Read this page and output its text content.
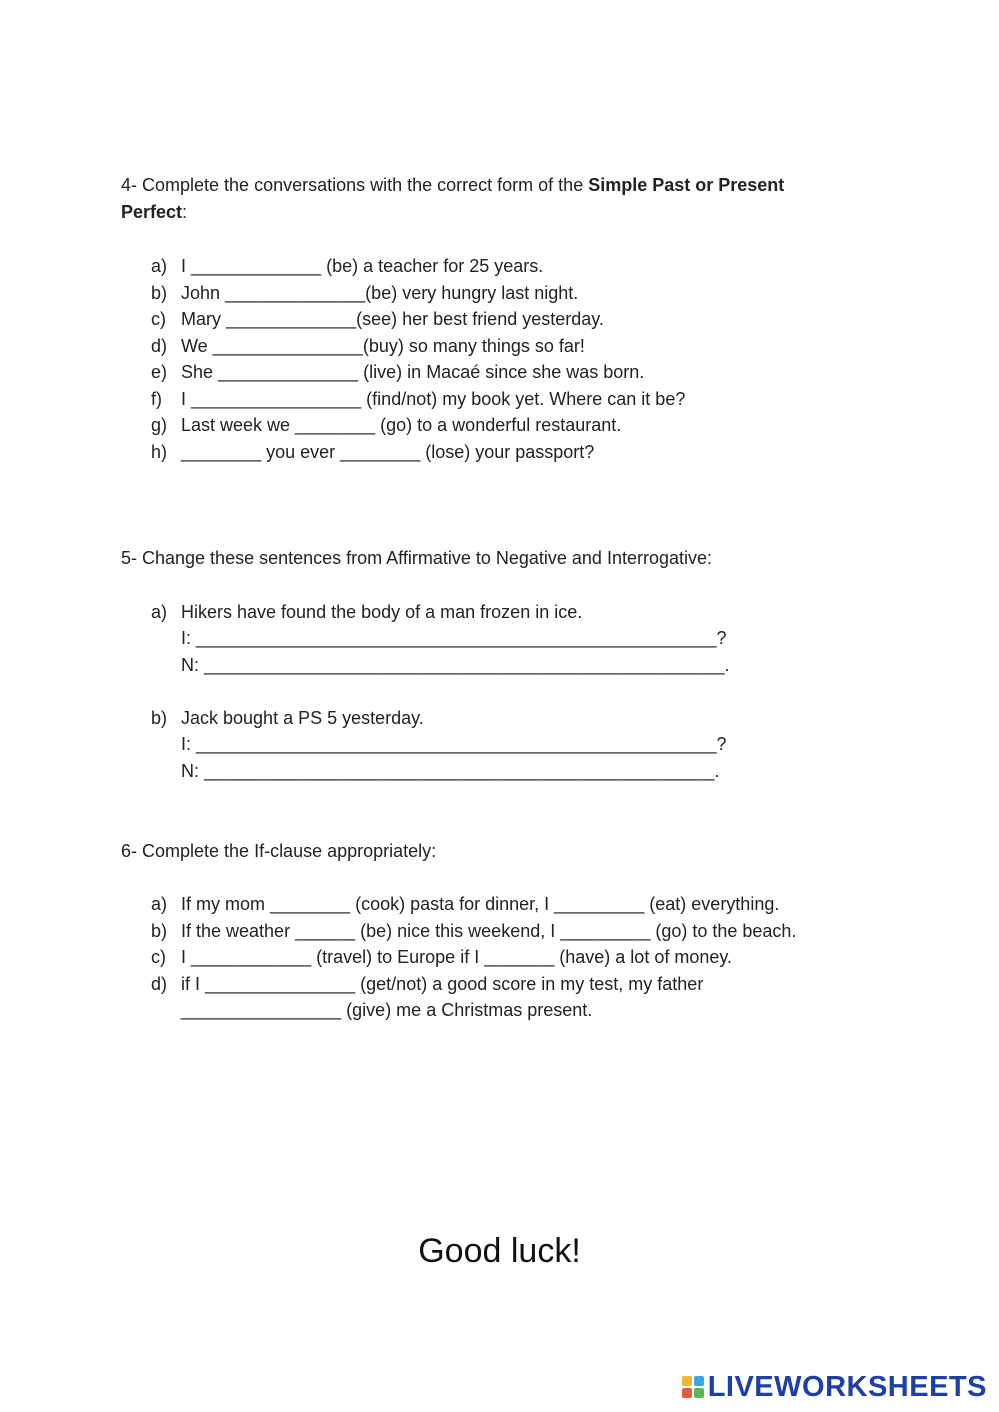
4- Complete the conversations with the correct form of the Simple Past or Present
Perfect:
a) I _____________ (be) a teacher for 25 years.
b) John ______________(be) very hungry last night.
c) Mary _____________(see) her best friend yesterday.
d) We _______________(buy) so many things so far!
e) She ______________ (live) in Macaé since she was born.
f) I _________________ (find/not) my book yet. Where can it be?
g) Last week we ________ (go) to a wonderful restaurant.
h) ________ you ever ________ (lose) your passport?
5- Change these sentences from Affirmative to Negative and Interrogative:
a) Hikers have found the body of a man frozen in ice.
I: ____________________________________________________?
N: ____________________________________________________.
b) Jack bought a PS 5 yesterday.
I: ____________________________________________________?
N: ___________________________________________________.
6- Complete the If-clause appropriately:
a) If my mom ________ (cook) pasta for dinner, I _________ (eat) everything.
b) If the weather ______ (be) nice this weekend, I _________ (go) to the beach.
c) I ____________ (travel) to Europe if I _______ (have) a lot of money.
d) if I _______________ (get/not) a good score in my test, my father
________________ (give) me a Christmas present.
Good luck!
LIVEWORKSHEETS
